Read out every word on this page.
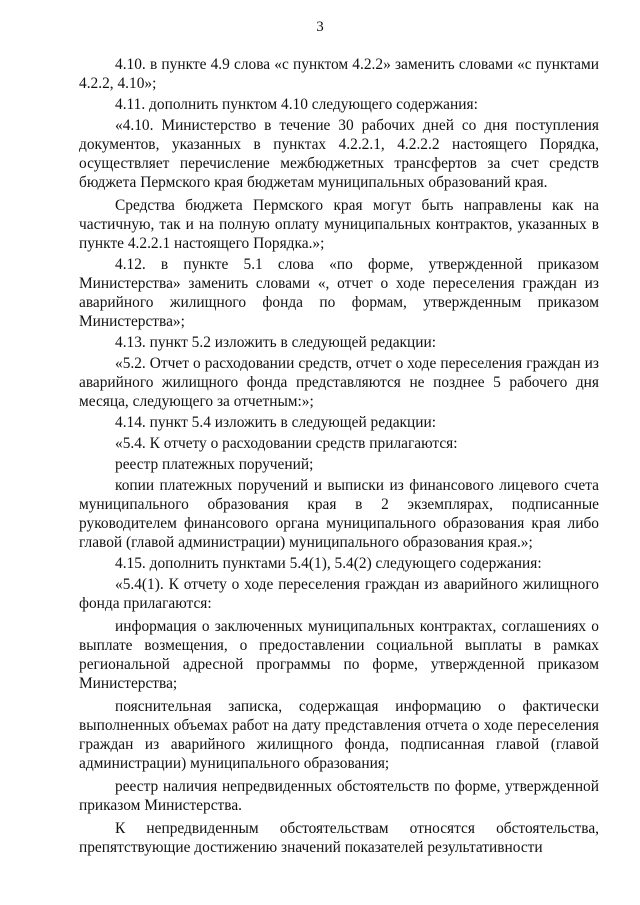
3

4.10. в пункте 4.9 слова «с пунктом 4.2.2» заменить словами «с пунктами 4.2.2, 4.10»;

4.11. дополнить пунктом 4.10 следующего содержания:

«4.10. Министерство в течение 30 рабочих дней со дня поступления документов, указанных в пунктах 4.2.2.1, 4.2.2.2 настоящего Порядка, осуществляет перечисление межбюджетных трансфертов за счет средств бюджета Пермского края бюджетам муниципальных образований края.

Средства бюджета Пермского края могут быть направлены как на частичную, так и на полную оплату муниципальных контрактов, указанных в пункте 4.2.2.1 настоящего Порядка.»;

4.12. в пункте 5.1 слова «по форме, утвержденной приказом Министерства» заменить словами «, отчет о ходе переселения граждан из аварийного жилищного фонда по формам, утвержденным приказом Министерства»;

4.13. пункт 5.2 изложить в следующей редакции:

«5.2. Отчет о расходовании средств, отчет о ходе переселения граждан из аварийного жилищного фонда представляются не позднее 5 рабочего дня месяца, следующего за отчетным:»;

4.14. пункт 5.4 изложить в следующей редакции:

«5.4. К отчету о расходовании средств прилагаются:

реестр платежных поручений;

копии платежных поручений и выписки из финансового лицевого счета муниципального образования края в 2 экземплярах, подписанные руководителем финансового органа муниципального образования края либо главой (главой администрации) муниципального образования края.»;

4.15. дополнить пунктами 5.4(1), 5.4(2) следующего содержания:

«5.4(1). К отчету о ходе переселения граждан из аварийного жилищного фонда прилагаются:

информация о заключенных муниципальных контрактах, соглашениях о выплате возмещения, о предоставлении социальной выплаты в рамках региональной адресной программы по форме, утвержденной приказом Министерства;

пояснительная записка, содержащая информацию о фактически выполненных объемах работ на дату представления отчета о ходе переселения граждан из аварийного жилищного фонда, подписанная главой (главой администрации) муниципального образования;

реестр наличия непредвиденных обстоятельств по форме, утвержденной приказом Министерства.

К непредвиденным обстоятельствам относятся обстоятельства, препятствующие достижению значений показателей результативности
